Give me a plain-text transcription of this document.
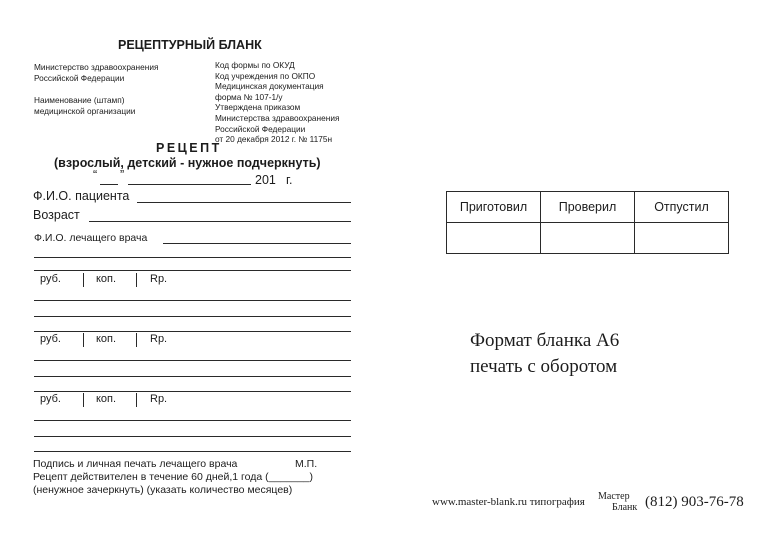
РЕЦЕПТУРНЫЙ БЛАНК
Министерство здравоохранения
Российской Федерации
Наименование (штамп)
медицинской организации
Код формы по ОКУД
Код учреждения по ОКПО
Медицинская документация
форма № 107-1/у
Утверждена приказом
Министерства здравоохранения
Российской Федерации
от 20 декабря 2012 г. № 1175н
РЕЦЕПТ
(взрослый, детский - нужное подчеркнуть)
“ ”	201 г.
Ф.И.О. пациента
Возраст
Ф.И.О. лечащего врача
руб.	коп.	Rp.
руб.	коп.	Rp.
руб.	коп.	Rp.
Подпись и личная печать лечащего врача	М.П.
Рецепт действителен в течение 60 дней,1 года (_______)
(ненужное зачеркнуть) (указать количество месяцев)
Приготовил	Проверил	Отпустил

Формат бланка А6
печать с оборотом
www.master-blank.ru типография Мастер
Бланк (812) 903-76-78
